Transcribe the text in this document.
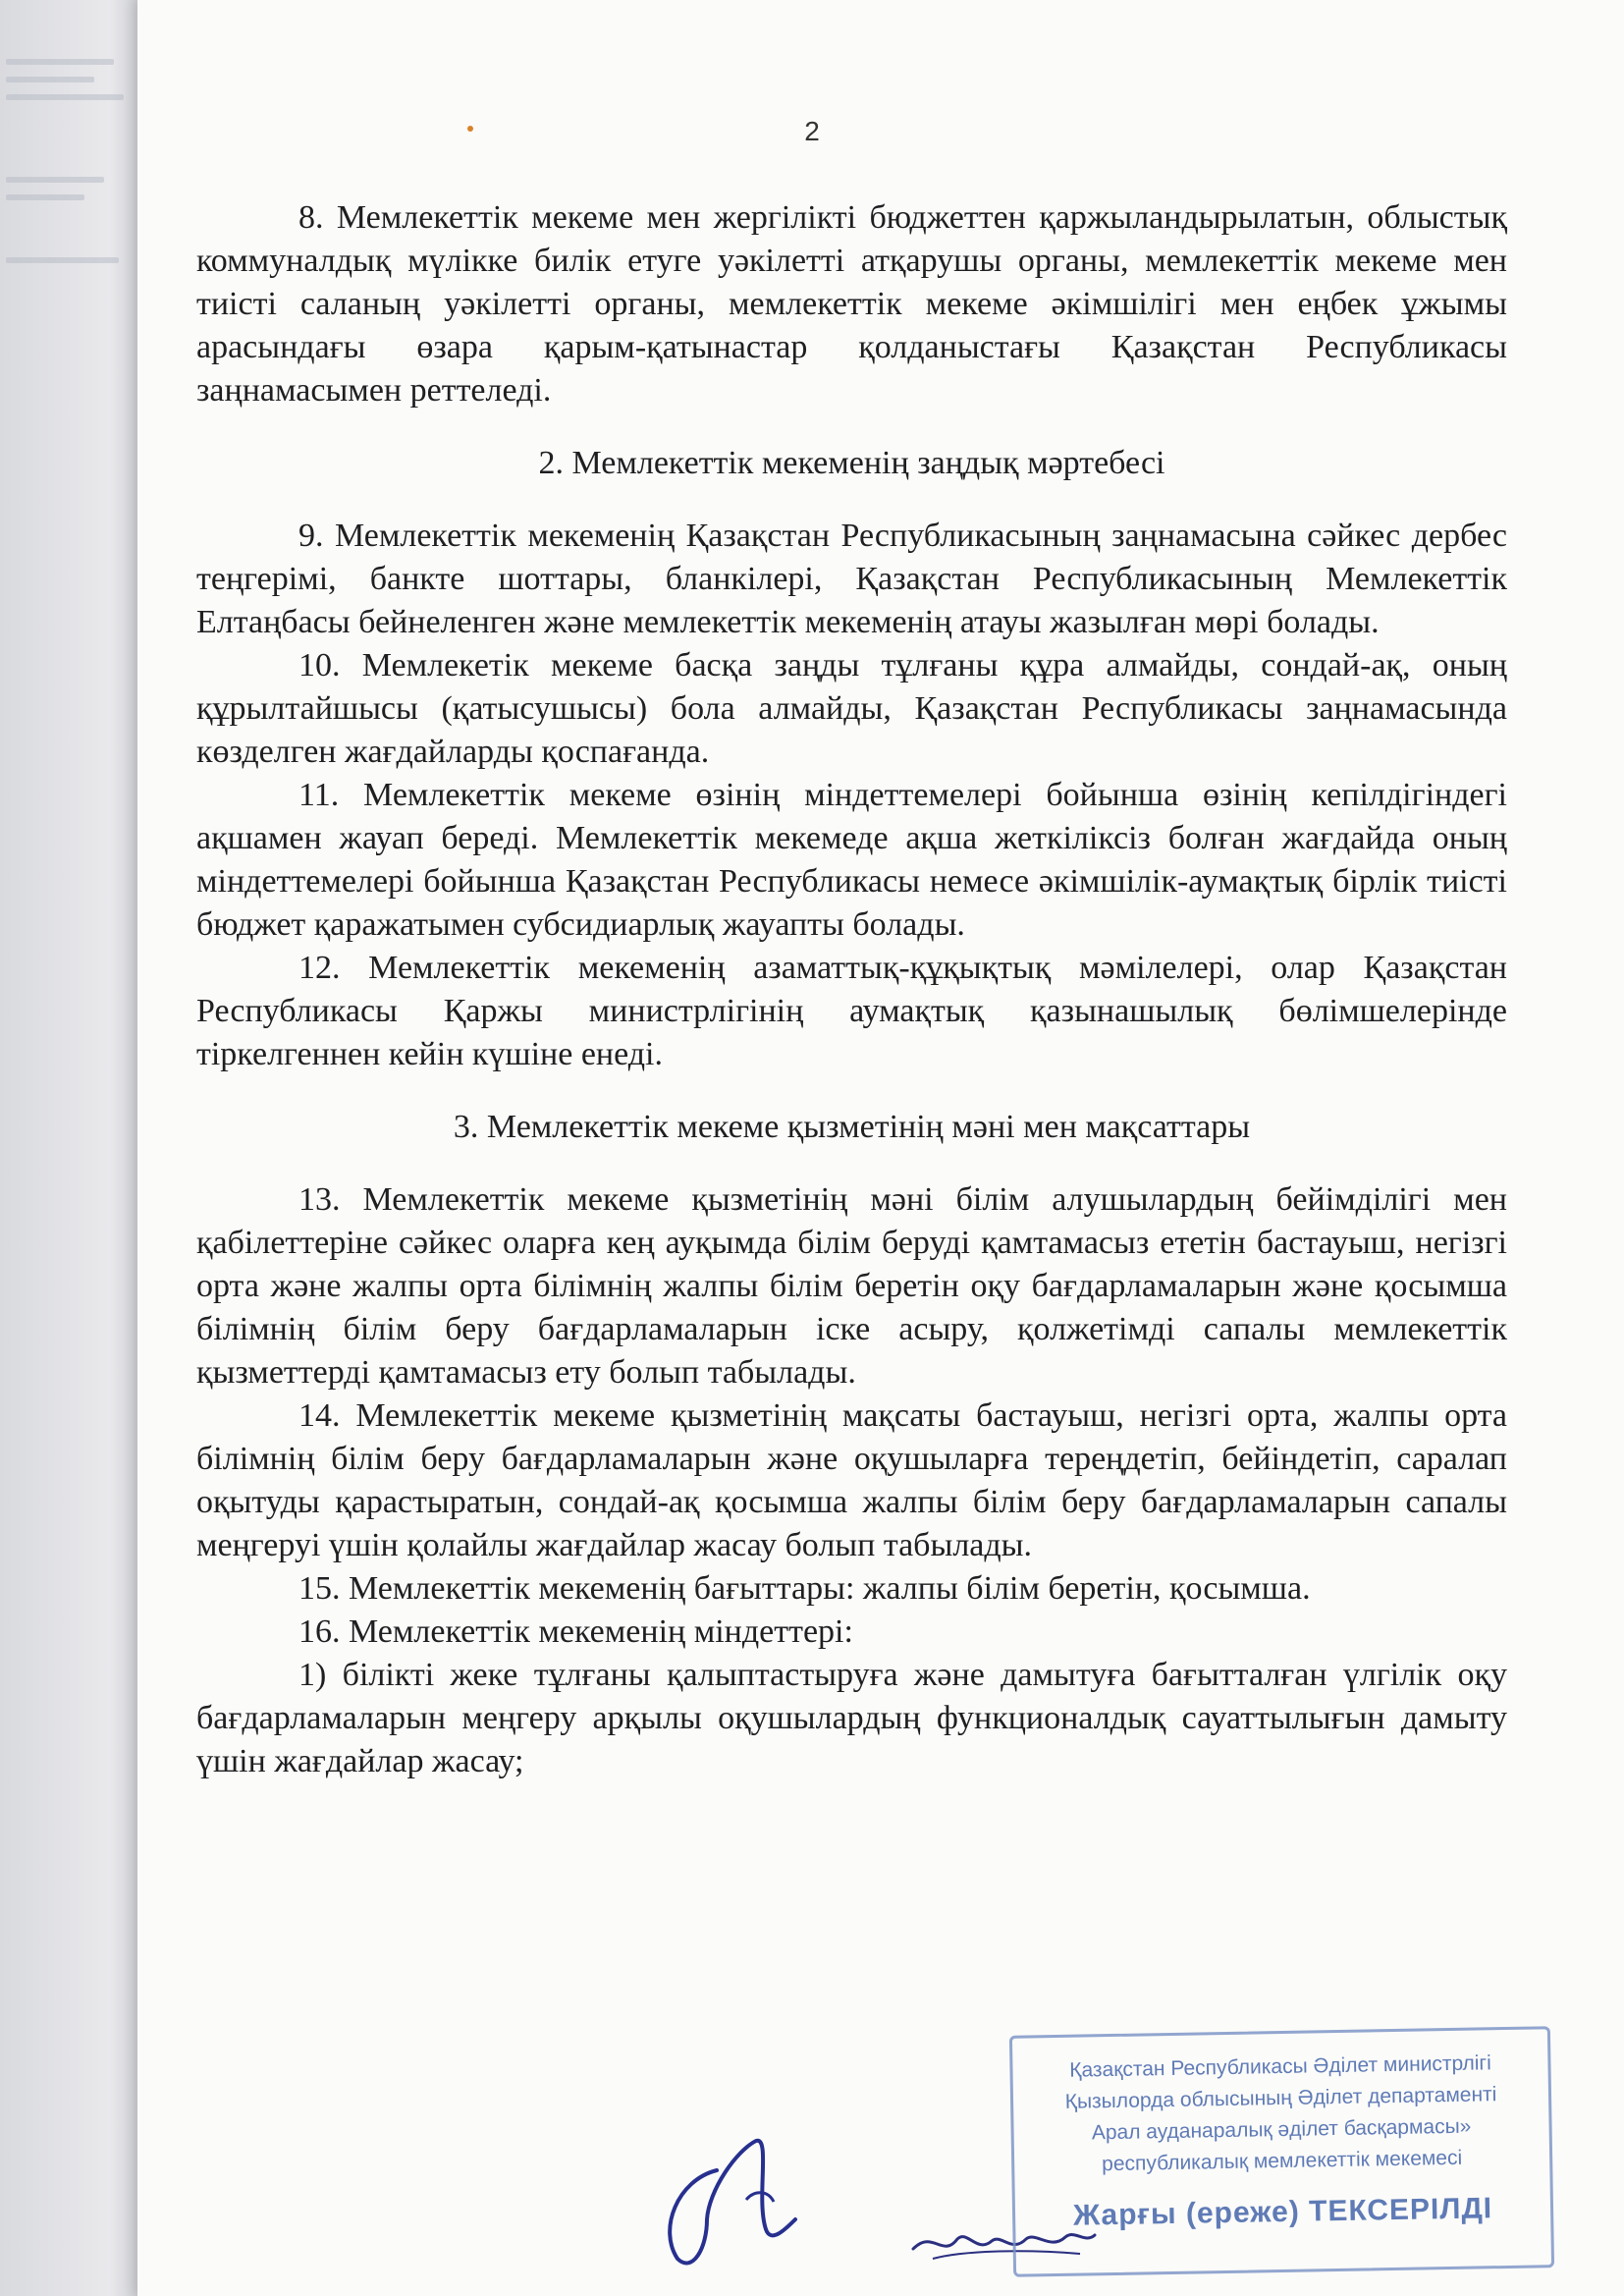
2

8. Мемлекеттік мекеме мен жергілікті бюджеттен қаржыландырылатын, облыстық коммуналдық мүлікке билік етуге уәкілетті атқарушы органы, мемлекеттік мекеме мен тиісті саланың уәкілетті органы, мемлекеттік мекеме әкімшілігі мен еңбек ұжымы арасындағы өзара қарым-қатынастар қолданыстағы Қазақстан Республикасы заңнамасымен реттеледі.

2. Мемлекеттік мекеменің заңдық мәртебесі

9. Мемлекеттік мекеменің Қазақстан Республикасының заңнамасына сәйкес дербес теңгерімі, банкте шоттары, бланкілері, Қазақстан Республикасының Мемлекеттік Елтаңбасы бейнеленген және мемлекеттік мекеменің атауы жазылған мөрі болады.

10. Мемлекетік мекеме басқа заңды тұлғаны құра алмайды, сондай-ақ, оның құрылтайшысы (қатысушысы) бола алмайды, Қазақстан Республикасы заңнамасында көзделген жағдайларды қоспағанда.

11. Мемлекеттік мекеме өзінің міндеттемелері бойынша өзінің кепілдігіндегі ақшамен жауап береді. Мемлекеттік мекемеде ақша жеткіліксіз болған жағдайда оның міндеттемелері бойынша Қазақстан Республикасы немесе әкімшілік-аумақтық бірлік тиісті бюджет қаражатымен субсидиарлық жауапты болады.

12. Мемлекеттік мекеменің азаматтық-құқықтық мәмілелері, олар Қазақстан Республикасы Қаржы министрлігінің аумақтық қазынашылық бөлімшелерінде тіркелгеннен кейін күшіне енеді.

3. Мемлекеттік мекеме қызметінің мәні мен мақсаттары

13. Мемлекеттік мекеме қызметінің мәні білім алушылардың бейімділігі мен қабілеттеріне сәйкес оларға кең ауқымда білім беруді қамтамасыз ететін бастауыш, негізгі орта және жалпы орта білімнің жалпы білім беретін оқу бағдарламаларын және қосымша білімнің білім беру бағдарламаларын іске асыру, қолжетімді сапалы мемлекеттік қызметтерді қамтамасыз ету болып табылады.

14. Мемлекеттік мекеме қызметінің мақсаты бастауыш, негізгі орта, жалпы орта білімнің білім беру бағдарламаларын және оқушыларға тереңдетіп, бейіндетіп, саралап оқытуды қарастыратын, сондай-ақ қосымша жалпы білім беру бағдарламаларын сапалы меңгеруі үшін қолайлы жағдайлар жасау болып табылады.

15. Мемлекеттік мекеменің бағыттары: жалпы білім беретін, қосымша.

16. Мемлекеттік мекеменің міндеттері:

1) білікті жеке тұлғаны қалыптастыруға және дамытуға бағытталған үлгілік оқу бағдарламаларын меңгеру арқылы оқушылардың функционалдық сауаттылығын дамыту үшін жағдайлар жасау;

Қазақстан Республикасы Әділет министрлігі
Қызылорда облысының Әділет департаменті
Арал ауданаралық әділет басқармасы»
республикалық мемлекеттік мекемесі
Жарғы (ереже) ТЕКСЕРІЛДІ
